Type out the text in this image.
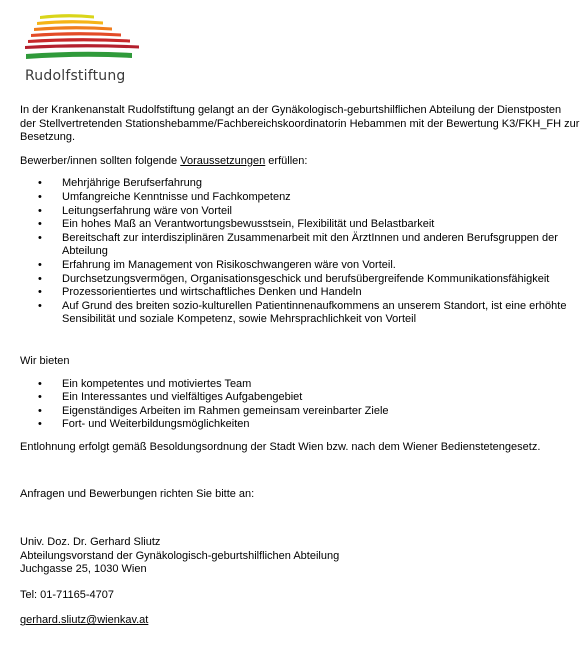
Rudolfstiftung

In der Krankenanstalt Rudolfstiftung gelangt an der Gynäkologisch-geburtshilflichen Abteilung der Dienstposten der Stellvertretenden Stationshebamme/Fachbereichskoordinatorin Hebammen mit der Bewertung K3/FKH_FH zur Besetzung.

Bewerber/innen sollten folgende Voraussetzungen erfüllen:

• Mehrjährige Berufserfahrung
• Umfangreiche Kenntnisse und Fachkompetenz
• Leitungserfahrung wäre von Vorteil
• Ein hohes Maß an Verantwortungsbewusstsein, Flexibilität und Belastbarkeit
• Bereitschaft zur interdisziplinären Zusammenarbeit mit den ÄrztInnen und anderen Berufsgruppen der Abteilung
• Erfahrung im Management von Risikoschwangeren wäre von Vorteil.
• Durchsetzungsvermögen, Organisationsgeschick und berufsübergreifende Kommunikationsfähigkeit
• Prozessorientiertes und wirtschaftliches Denken und Handeln
• Auf Grund des breiten sozio-kulturellen Patientinnenaufkommens an unserem Standort, ist eine erhöhte Sensibilität und soziale Kompetenz, sowie Mehrsprachlichkeit von Vorteil

Wir bieten

• Ein kompetentes und motiviertes Team
• Ein Interessantes und vielfältiges Aufgabengebiet
• Eigenständiges Arbeiten im Rahmen gemeinsam vereinbarter Ziele
• Fort- und Weiterbildungsmöglichkeiten

Entlohnung erfolgt gemäß Besoldungsordnung der Stadt Wien bzw. nach dem Wiener Bedienstetengesetz.

Anfragen und Bewerbungen richten Sie bitte an:

Univ. Doz. Dr. Gerhard Sliutz

Abteilungsvorstand der Gynäkologisch-geburtshilflichen Abteilung

Juchgasse 25, 1030 Wien

Tel: 01-71165-4707

gerhard.sliutz@wienkav.at
